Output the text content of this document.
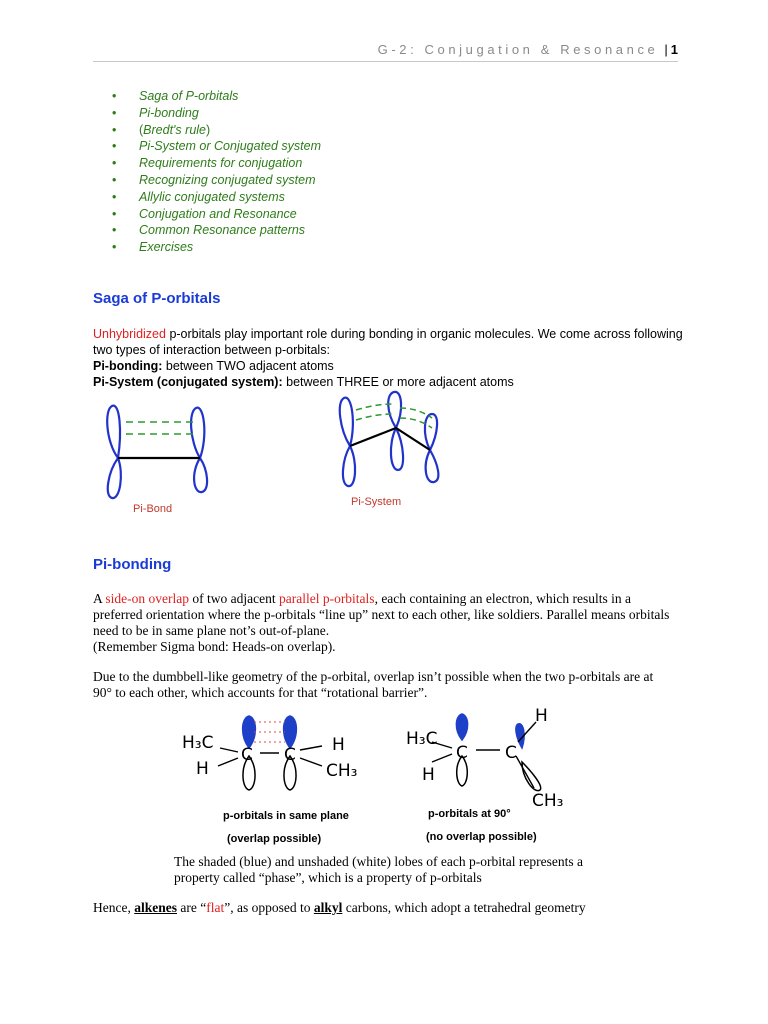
G-2: Conjugation & Resonance | 1
• Saga of P-orbitals
• Pi-bonding
• (Bredt's rule)
• Pi-System or Conjugated system
• Requirements for conjugation
• Recognizing conjugated system
• Allylic conjugated systems
• Conjugation and Resonance
• Common Resonance patterns
• Exercises
Saga of P-orbitals

Unhybridized p-orbitals play important role during bonding in organic molecules. We come across following two types of interaction between p-orbitals:

Pi-bonding: between TWO adjacent atoms

Pi-System (conjugated system): between THREE or more adjacent atoms

Pi-Bond
Pi-System
Pi-bonding

A side-on overlap of two adjacent parallel p-orbitals, each containing an electron, which results in a preferred orientation where the p-orbitals “line up” next to each other, like soldiers. Parallel means orbitals need to be in same plane not’s out-of-plane.

(Remember Sigma bond: Heads-on overlap).

Due to the dumbbell-like geometry of the p-orbital, overlap isn’t possible when the two p-orbitals are at 90° to each other, which accounts for that “rotational barrier”.

H₃C
H
C C H
CH₃
p-orbitals in same plane
(overlap possible)
H₃C
H
C C
H
CH₃
p-orbitals at 90°
(no overlap possible)

The shaded (blue) and unshaded (white) lobes of each p-orbital represents a property called “phase”, which is a property of p-orbitals

Hence, alkenes are “flat”, as opposed to alkyl carbons, which adopt a tetrahedral geometry
